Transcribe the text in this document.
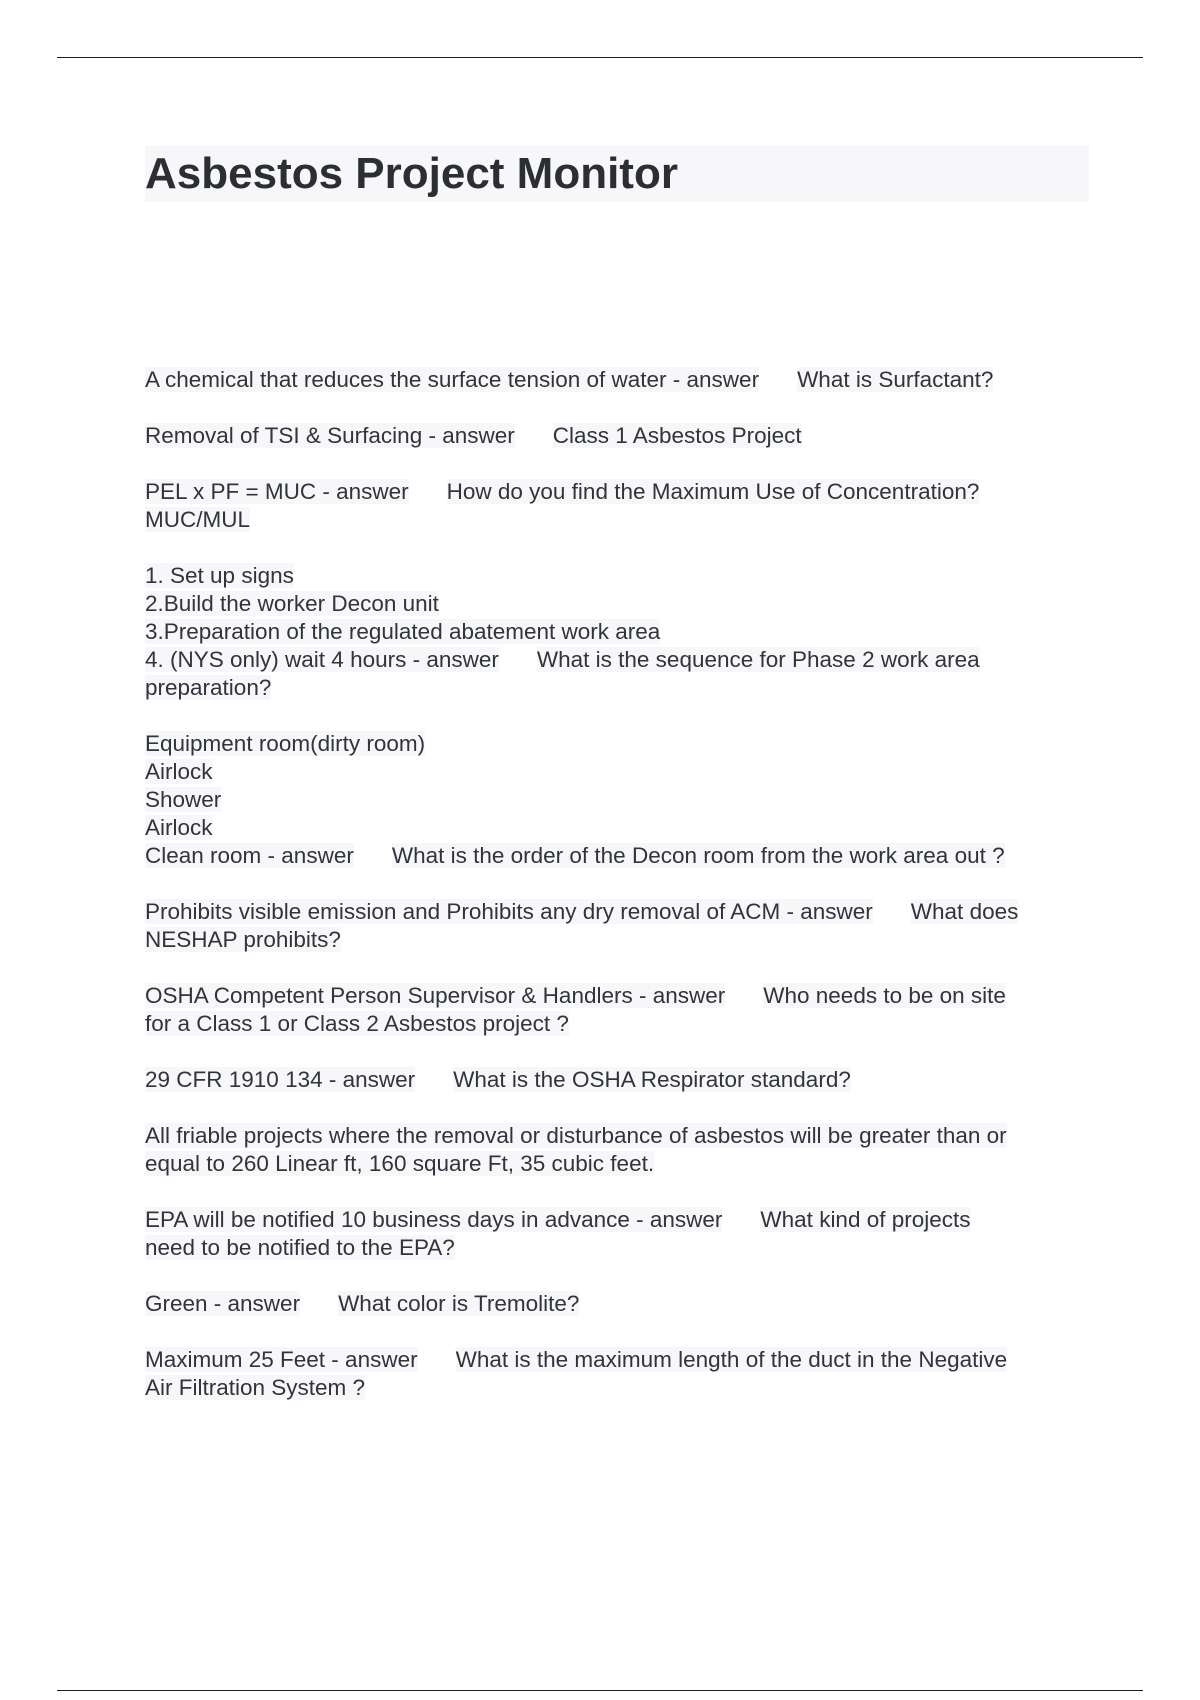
Asbestos Project Monitor

A chemical that reduces the surface tension of water - answer What is Surfactant?

Removal of TSI & Surfacing - answer Class 1 Asbestos Project

PEL x PF = MUC - answer How do you find the Maximum Use of Concentration?
MUC/MUL

1. Set up signs
2.Build the worker Decon unit
3.Preparation of the regulated abatement work area
4. (NYS only) wait 4 hours - answer What is the sequence for Phase 2 work area
preparation?

Equipment room(dirty room)
Airlock
Shower
Airlock
Clean room - answer What is the order of the Decon room from the work area out ?

Prohibits visible emission and Prohibits any dry removal of ACM - answer What does
NESHAP prohibits?

OSHA Competent Person Supervisor & Handlers - answer Who needs to be on site
for a Class 1 or Class 2 Asbestos project ?

29 CFR 1910 134 - answer What is the OSHA Respirator standard?

All friable projects where the removal or disturbance of asbestos will be greater than or
equal to 260 Linear ft, 160 square Ft, 35 cubic feet.

EPA will be notified 10 business days in advance - answer What kind of projects
need to be notified to the EPA?

Green - answer What color is Tremolite?

Maximum 25 Feet - answer What is the maximum length of the duct in the Negative
Air Filtration System ?
